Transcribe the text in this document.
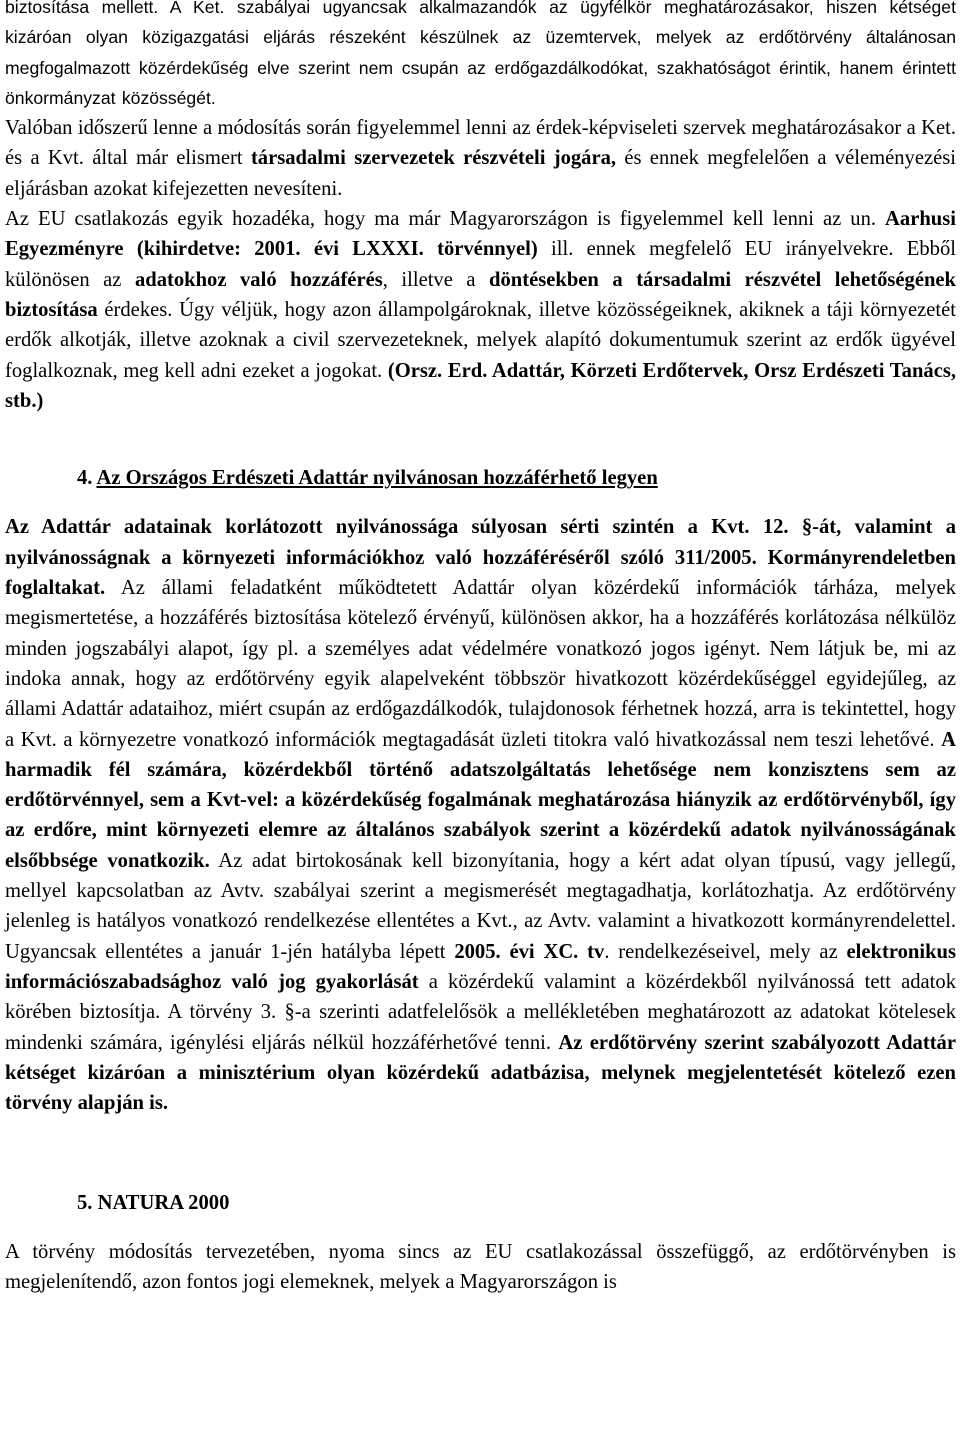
biztosítása mellett. A Ket. szabályai ugyancsak alkalmazandók az ügyfélkör meghatározásakor, hiszen kétséget kizáróan olyan közigazgatási eljárás részeként készülnek az üzemtervek, melyek az erdőtörvény általánosan megfogalmazott közérdekűség elve szerint nem csupán az erdőgazdálkodókat, szakhatóságot érintik, hanem érintett önkormányzat közösségét.

Valóban időszerű lenne a módosítás során figyelemmel lenni az érdek-képviseleti szervek meghatározásakor a Ket. és a Kvt. által már elismert társadalmi szervezetek részvételi jogára, és ennek megfelelően a véleményezési eljárásban azokat kifejezetten nevesíteni.

Az EU csatlakozás egyik hozadéka, hogy ma már Magyarországon is figyelemmel kell lenni az un. Aarhusi Egyezményre (kihirdetve: 2001. évi LXXXI. törvénnyel) ill. ennek megfelelő EU irányelvekre. Ebből különösen az adatokhoz való hozzáférés, illetve a döntésekben a társadalmi részvétel lehetőségének biztosítása érdekes. Úgy véljük, hogy azon állampolgároknak, illetve közösségeiknek, akiknek a táji környezetét erdők alkotják, illetve azoknak a civil szervezeteknek, melyek alapító dokumentumuk szerint az erdők ügyével foglalkoznak, meg kell adni ezeket a jogokat. (Orsz. Erd. Adattár, Körzeti Erdőtervek, Orsz Erdészeti Tanács, stb.)

4. Az Országos Erdészeti Adattár nyilvánosan hozzáférhető legyen

Az Adattár adatainak korlátozott nyilvánossága súlyosan sérti szintén a Kvt. 12. §-át, valamint a nyilvánosságnak a környezeti információkhoz való hozzáféréséről szóló 311/2005. Kormányrendeletben foglaltakat. Az állami feladatként működtetett Adattár olyan közérdekű információk tárháza, melyek megismertetése, a hozzáférés biztosítása kötelező érvényű, különösen akkor, ha a hozzáférés korlátozása nélkülöz minden jogszabályi alapot, így pl. a személyes adat védelmére vonatkozó jogos igényt. Nem látjuk be, mi az indoka annak, hogy az erdőtörvény egyik alapelveként többször hivatkozott közérdekűséggel egyidejűleg, az állami Adattár adataihoz, miért csupán az erdőgazdálkodók, tulajdonosok férhetnek hozzá, arra is tekintettel, hogy a Kvt. a környezetre vonatkozó információk megtagadását üzleti titokra való hivatkozással nem teszi lehetővé. A harmadik fél számára, közérdekből történő adatszolgáltatás lehetősége nem konzisztens sem az erdőtörvénnyel, sem a Kvt-vel: a közérdekűség fogalmának meghatározása hiányzik az erdőtörvényből, így az erdőre, mint környezeti elemre az általános szabályok szerint a közérdekű adatok nyilvánosságának elsőbbsége vonatkozik. Az adat birtokosának kell bizonyítania, hogy a kért adat olyan típusú, vagy jellegű, mellyel kapcsolatban az Avtv. szabályai szerint a megismerését megtagadhatja, korlátozhatja. Az erdőtörvény jelenleg is hatályos vonatkozó rendelkezése ellentétes a Kvt., az Avtv. valamint a hivatkozott kormányrendelettel. Ugyancsak ellentétes a január 1-jén hatályba lépett 2005. évi XC. tv. rendelkezéseivel, mely az elektronikus információszabadsághoz való jog gyakorlását a közérdekű valamint a közérdekből nyilvánossá tett adatok körében biztosítja. A törvény 3. §-a szerinti adatfelelősök a mellékletében meghatározott az adatokat kötelesek mindenki számára, igénylési eljárás nélkül hozzáférhetővé tenni. Az erdőtörvény szerint szabályozott Adattár kétséget kizáróan a minisztérium olyan közérdekű adatbázisa, melynek megjelentetését kötelező ezen törvény alapján is.

5. NATURA 2000

A törvény módosítás tervezetében, nyoma sincs az EU csatlakozással összefüggő, az erdőtörvényben is megjelenítendő, azon fontos jogi elemeknek, melyek a Magyarországon is
